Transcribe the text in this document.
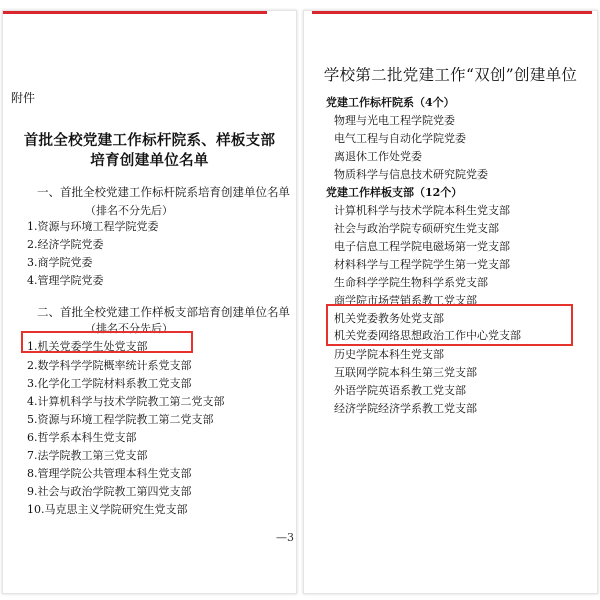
附件
首批全校党建工作标杆院系、样板支部
培育创建单位名单
一、首批全校党建工作标杆院系培育创建单位名单
（排名不分先后）
1.资源与环境工程学院党委
2.经济学院党委
3.商学院党委
4.管理学院党委
二、首批全校党建工作样板支部培育创建单位名单
（排名不分先后）
1.机关党委学生处党支部
2.数学科学学院概率统计系党支部
3.化学化工学院材料系教工党支部
4.计算机科学与技术学院教工第二党支部
5.资源与环境工程学院教工第二党支部
6.哲学系本科生党支部
7.法学院教工第三党支部
8.管理学院公共管理本科生党支部
9.社会与政治学院教工第四党支部
10.马克思主义学院研究生党支部
—3
学校第二批党建工作“双创”创建单位
党建工作标杆院系（4个）
物理与光电工程学院党委
电气工程与自动化学院党委
离退休工作处党委
物质科学与信息技术研究院党委
党建工作样板支部（12个）
计算机科学与技术学院本科生党支部
社会与政治学院专硕研究生党支部
电子信息工程学院电磁场第一党支部
材料科学与工程学院学生第一党支部
生命科学学院生物科学系党支部
商学院市场营销系教工党支部
机关党委教务处党支部
机关党委网络思想政治工作中心党支部
历史学院本科生党支部
互联网学院本科生第三党支部
外语学院英语系教工党支部
经济学院经济学系教工党支部
